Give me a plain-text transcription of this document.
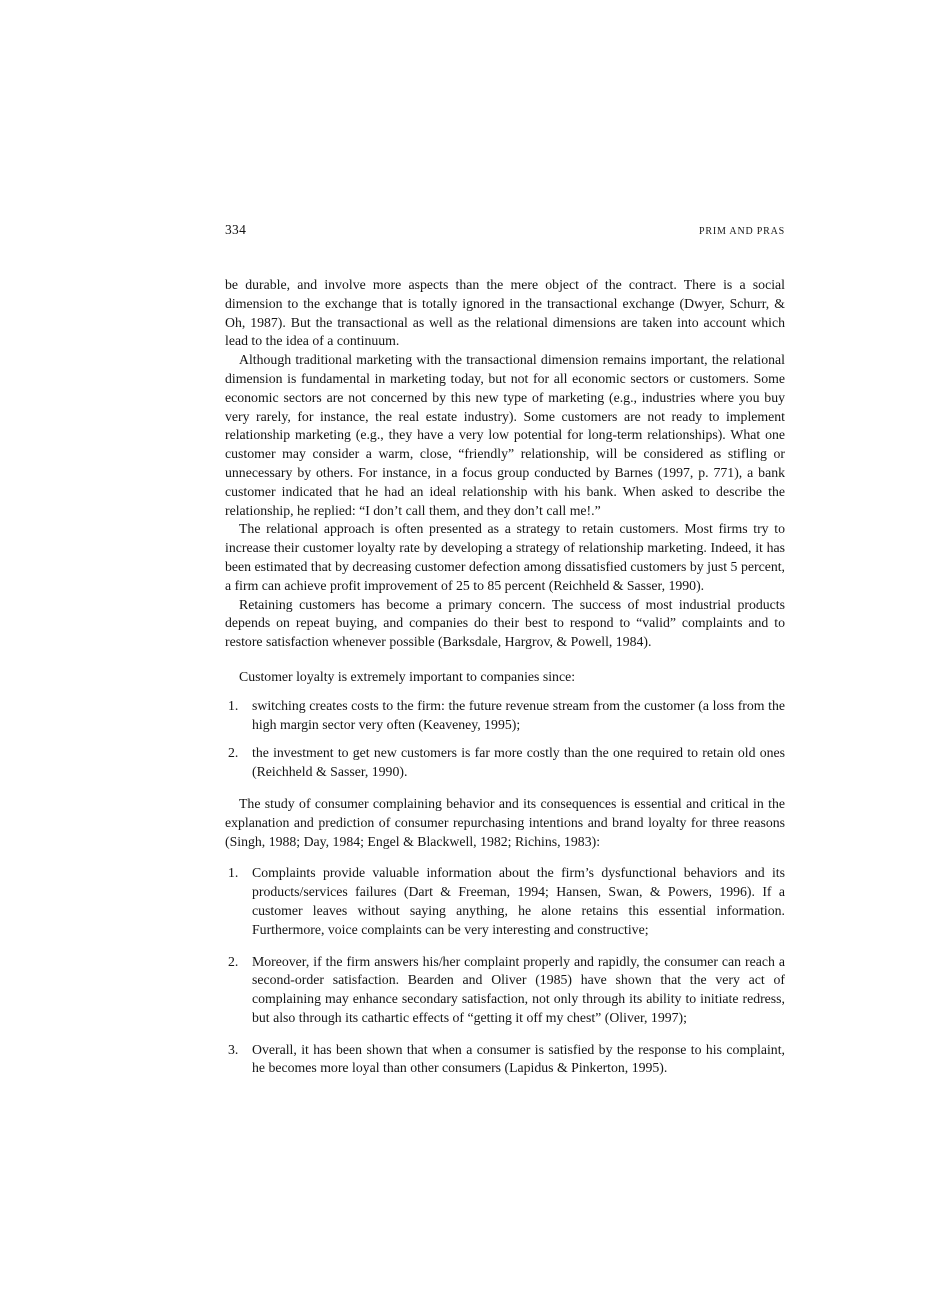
334	PRIM AND PRAS

be durable, and involve more aspects than the mere object of the contract. There is a social dimension to the exchange that is totally ignored in the transactional exchange (Dwyer, Schurr, & Oh, 1987). But the transactional as well as the relational dimensions are taken into account which lead to the idea of a continuum.

Although traditional marketing with the transactional dimension remains important, the relational dimension is fundamental in marketing today, but not for all economic sectors or customers. Some economic sectors are not concerned by this new type of marketing (e.g., industries where you buy very rarely, for instance, the real estate industry). Some customers are not ready to implement relationship marketing (e.g., they have a very low potential for long-term relationships). What one customer may consider a warm, close, “friendly” relationship, will be considered as stifling or unnecessary by others. For instance, in a focus group conducted by Barnes (1997, p. 771), a bank customer indicated that he had an ideal relationship with his bank. When asked to describe the relationship, he replied: “I don’t call them, and they don’t call me!.”

The relational approach is often presented as a strategy to retain customers. Most firms try to increase their customer loyalty rate by developing a strategy of relationship marketing. Indeed, it has been estimated that by decreasing customer defection among dissatisfied customers by just 5 percent, a firm can achieve profit improvement of 25 to 85 percent (Reichheld & Sasser, 1990).

Retaining customers has become a primary concern. The success of most industrial products depends on repeat buying, and companies do their best to respond to “valid” complaints and to restore satisfaction whenever possible (Barksdale, Hargrov, & Powell, 1984).

Customer loyalty is extremely important to companies since:

1. switching creates costs to the firm: the future revenue stream from the customer (a loss from the high margin sector very often (Keaveney, 1995);
2. the investment to get new customers is far more costly than the one required to retain old ones (Reichheld & Sasser, 1990).

The study of consumer complaining behavior and its consequences is essential and critical in the explanation and prediction of consumer repurchasing intentions and brand loyalty for three reasons (Singh, 1988; Day, 1984; Engel & Blackwell, 1982; Richins, 1983):

1. Complaints provide valuable information about the firm’s dysfunctional behaviors and its products/services failures (Dart & Freeman, 1994; Hansen, Swan, & Powers, 1996). If a customer leaves without saying anything, he alone retains this essential information. Furthermore, voice complaints can be very interesting and constructive;
2. Moreover, if the firm answers his/her complaint properly and rapidly, the consumer can reach a second-order satisfaction. Bearden and Oliver (1985) have shown that the very act of complaining may enhance secondary satisfaction, not only through its ability to initiate redress, but also through its cathartic effects of “getting it off my chest” (Oliver, 1997);
3. Overall, it has been shown that when a consumer is satisfied by the response to his complaint, he becomes more loyal than other consumers (Lapidus & Pinkerton, 1995).
